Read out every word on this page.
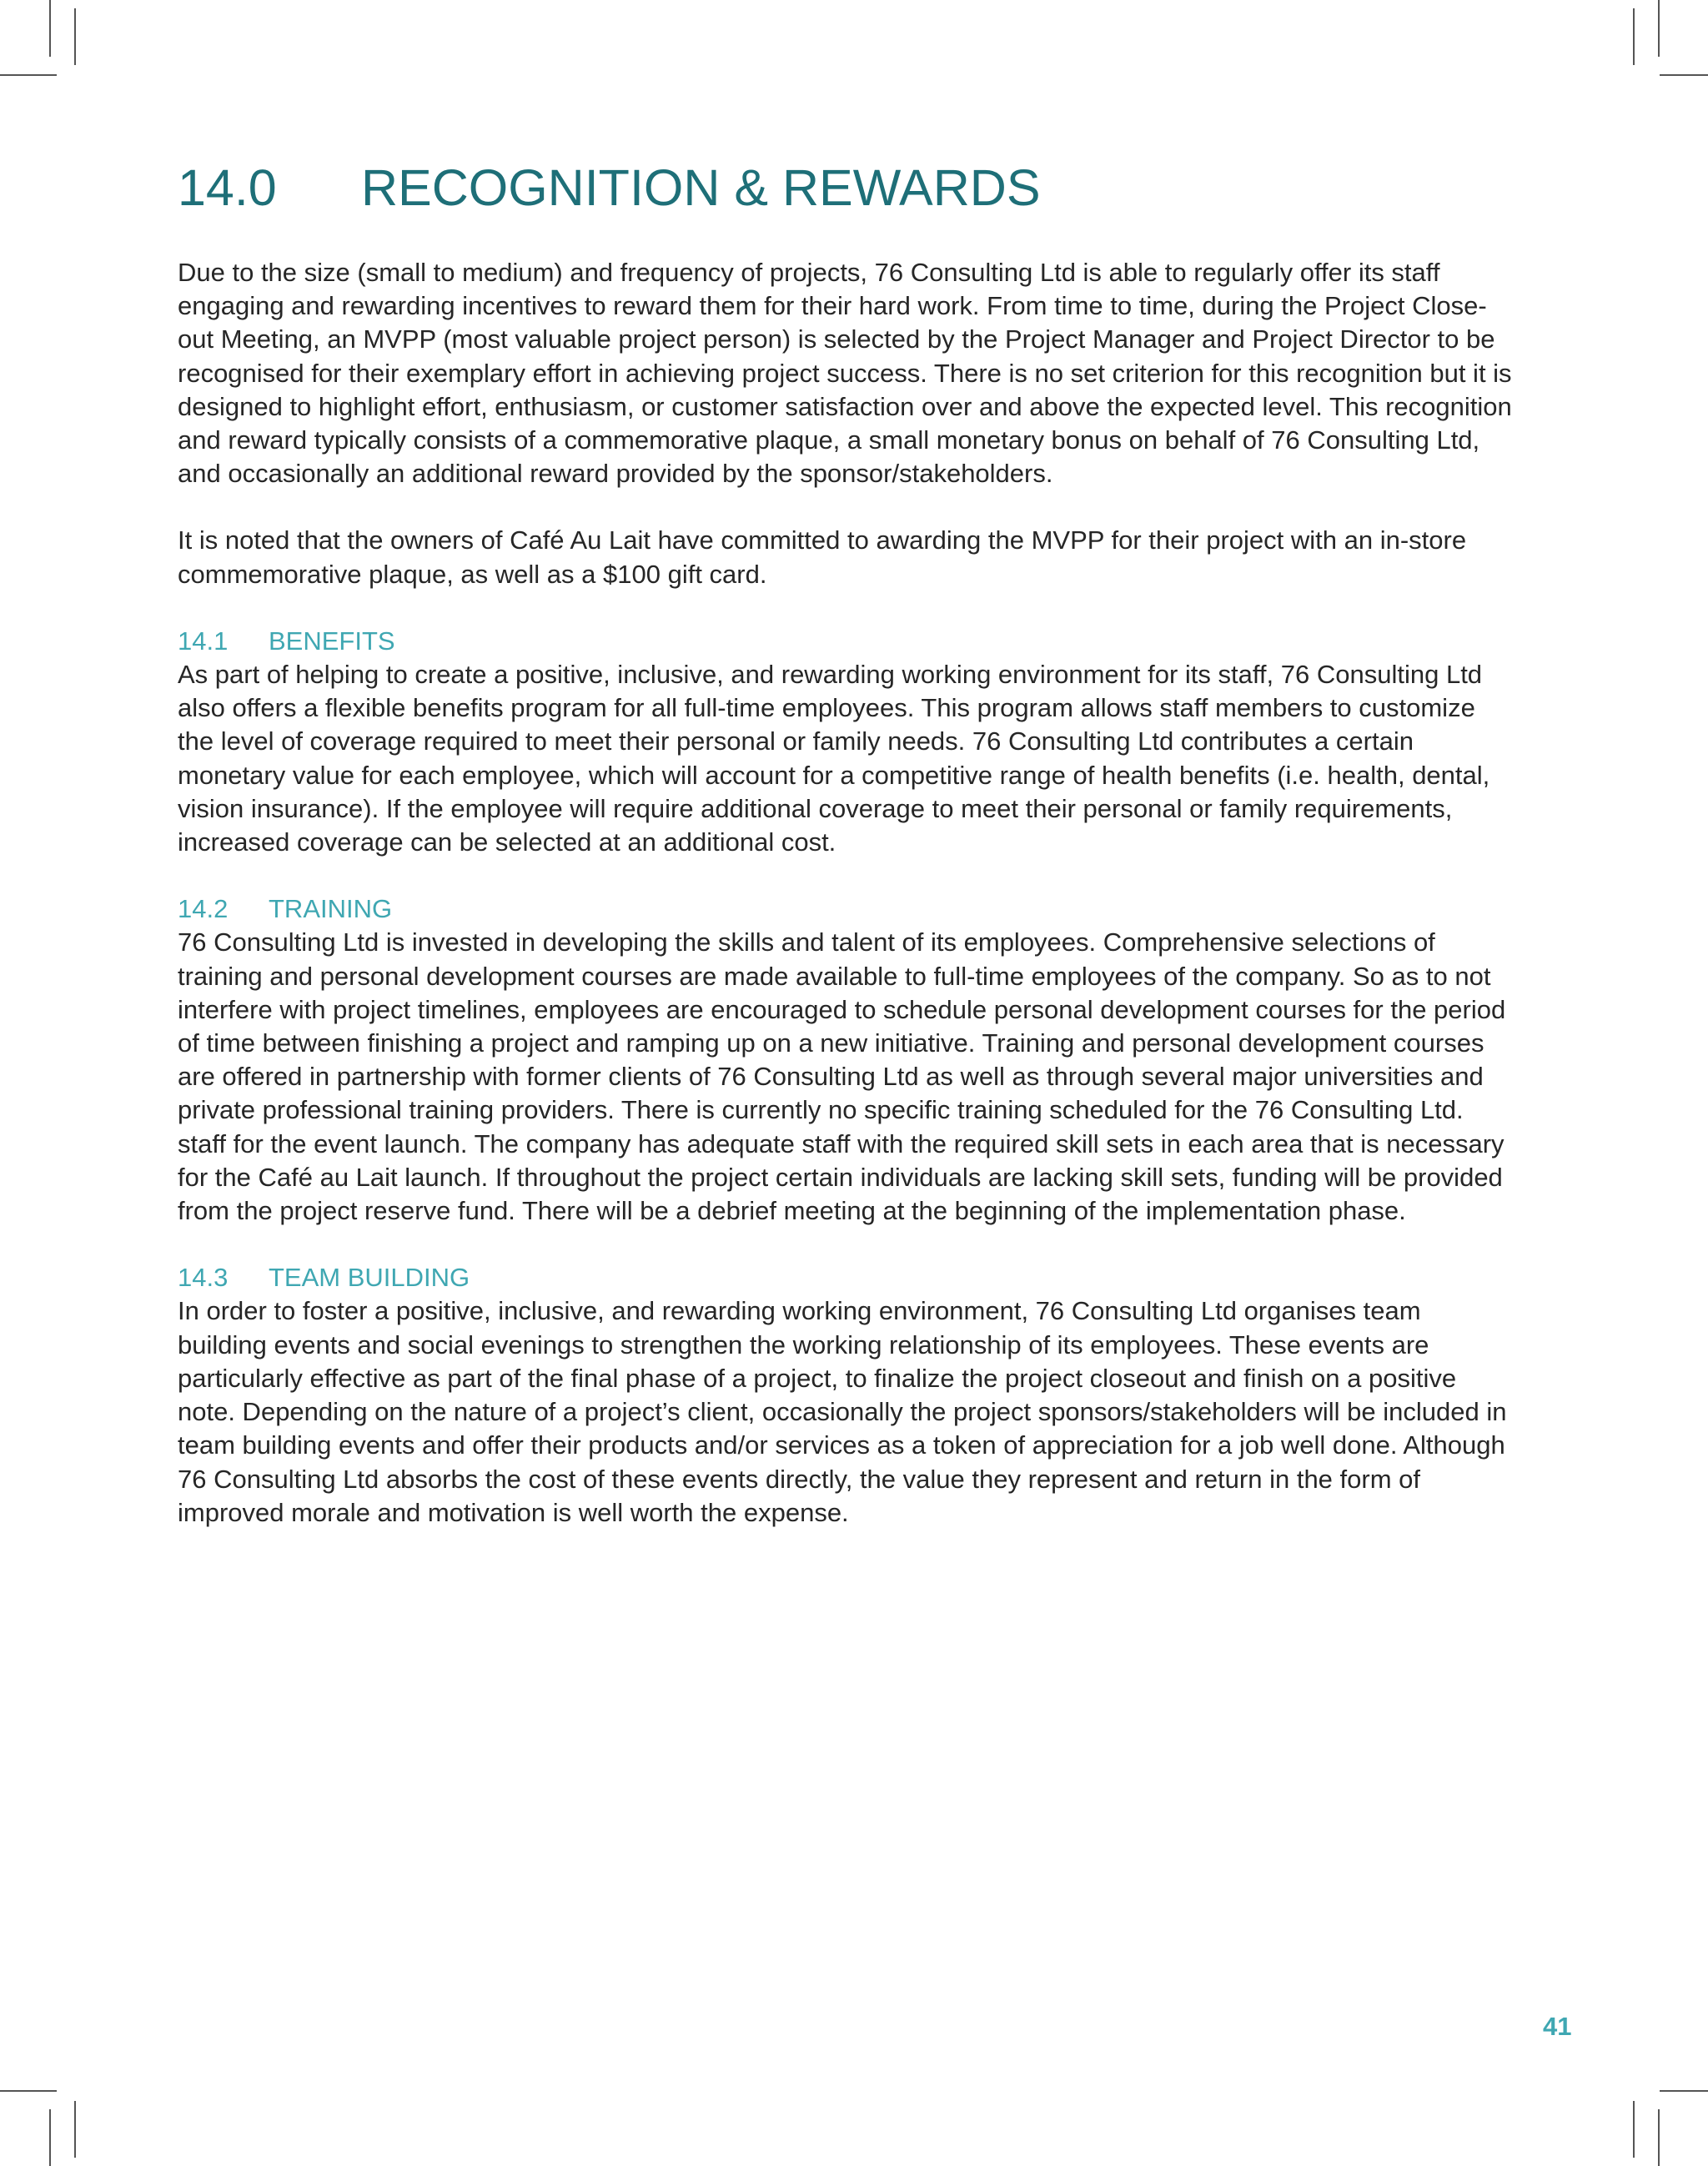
14.0 RECOGNITION & REWARDS

Due to the size (small to medium) and frequency of projects, 76 Consulting Ltd is able to regularly offer its staff engaging and rewarding incentives to reward them for their hard work. From time to time, during the Project Close-out Meeting, an MVPP (most valuable project person) is selected by the Project Manager and Project Director to be recognised for their exemplary effort in achieving project success. There is no set criterion for this recognition but it is designed to highlight effort, enthusiasm, or customer satisfaction over and above the expected level. This recognition and reward typically consists of a commemorative plaque, a small monetary bonus on behalf of 76 Consulting Ltd, and occasionally an additional reward provided by the sponsor/stakeholders.

It is noted that the owners of Café Au Lait have committed to awarding the MVPP for their project with an in-store commemorative plaque, as well as a $100 gift card.

14.1 BENEFITS

As part of helping to create a positive, inclusive, and rewarding working environment for its staff, 76 Consulting Ltd also offers a flexible benefits program for all full-time employees. This program allows staff members to customize the level of coverage required to meet their personal or family needs. 76 Consulting Ltd contributes a certain monetary value for each employee, which will account for a competitive range of health benefits (i.e. health, dental, vision insurance). If the employee will require additional coverage to meet their personal or family requirements, increased coverage can be selected at an additional cost.

14.2 TRAINING

76 Consulting Ltd is invested in developing the skills and talent of its employees. Comprehensive selections of training and personal development courses are made available to full-time employees of the company. So as to not interfere with project timelines, employees are encouraged to schedule personal development courses for the period of time between finishing a project and ramping up on a new initiative. Training and personal development courses are offered in partnership with former clients of 76 Consulting Ltd as well as through several major universities and private professional training providers. There is currently no specific training scheduled for the 76 Consulting Ltd. staff for the event launch. The company has adequate staff with the required skill sets in each area that is necessary for the Café au Lait launch. If throughout the project certain individuals are lacking skill sets, funding will be provided from the project reserve fund. There will be a debrief meeting at the beginning of the implementation phase.

14.3 TEAM BUILDING

In order to foster a positive, inclusive, and rewarding working environment, 76 Consulting Ltd organises team building events and social evenings to strengthen the working relationship of its employees. These events are particularly effective as part of the final phase of a project, to finalize the project closeout and finish on a positive note. Depending on the nature of a project’s client, occasionally the project sponsors/stakeholders will be included in team building events and offer their products and/or services as a token of appreciation for a job well done. Although 76 Consulting Ltd absorbs the cost of these events directly, the value they represent and return in the form of improved morale and motivation is well worth the expense.

41
